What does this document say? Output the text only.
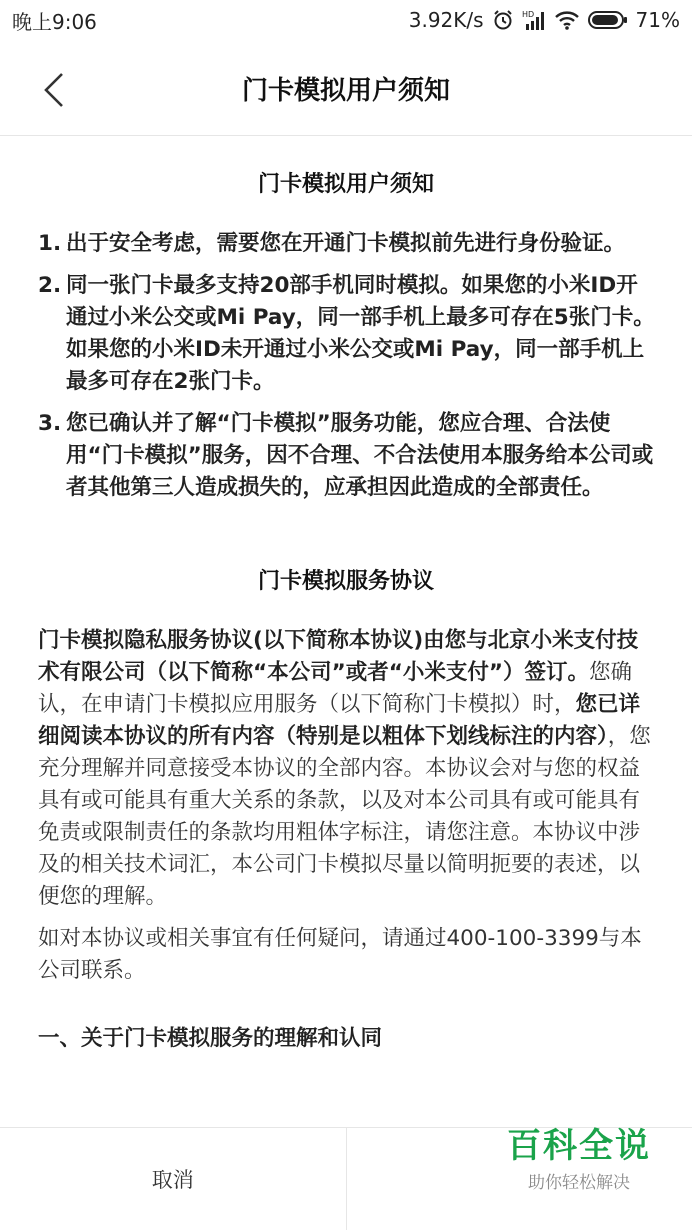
晚上9:06	3.92K/s	HD	71%
门卡模拟用户须知
门卡模拟用户须知
1. 出于安全考虑，需要您在开通门卡模拟前先进行身份验证。
2. 同一张门卡最多支持20部手机同时模拟。如果您的小米ID开通过小米公交或Mi Pay，同一部手机上最多可存在5张门卡。如果您的小米ID未开通过小米公交或Mi Pay，同一部手机上最多可存在2张门卡。
3. 您已确认并了解“门卡模拟”服务功能，您应合理、合法使用“门卡模拟”服务，因不合理、不合法使用本服务给本公司或者其他第三人造成损失的，应承担因此造成的全部责任。
门卡模拟服务协议

门卡模拟隐私服务协议(以下简称本协议)由您与北京小米支付技术有限公司（以下简称“本公司”或者“小米支付”）签订。您确认，在申请门卡模拟应用服务（以下简称门卡模拟）时，您已详细阅读本协议的所有内容（特别是以粗体下划线标注的内容），您充分理解并同意接受本协议的全部内容。本协议会对与您的权益具有或可能具有重大关系的条款，以及对本公司具有或可能具有免责或限制责任的条款均用粗体字标注，请您注意。本协议中涉及的相关技术词汇，本公司门卡模拟尽量以简明扼要的表述，以便您的理解。

如对本协议或相关事宜有任何疑问，请通过400-100-3399与本公司联系。

一、关于门卡模拟服务的理解和认同
取消
百科全说
助你轻松解决
